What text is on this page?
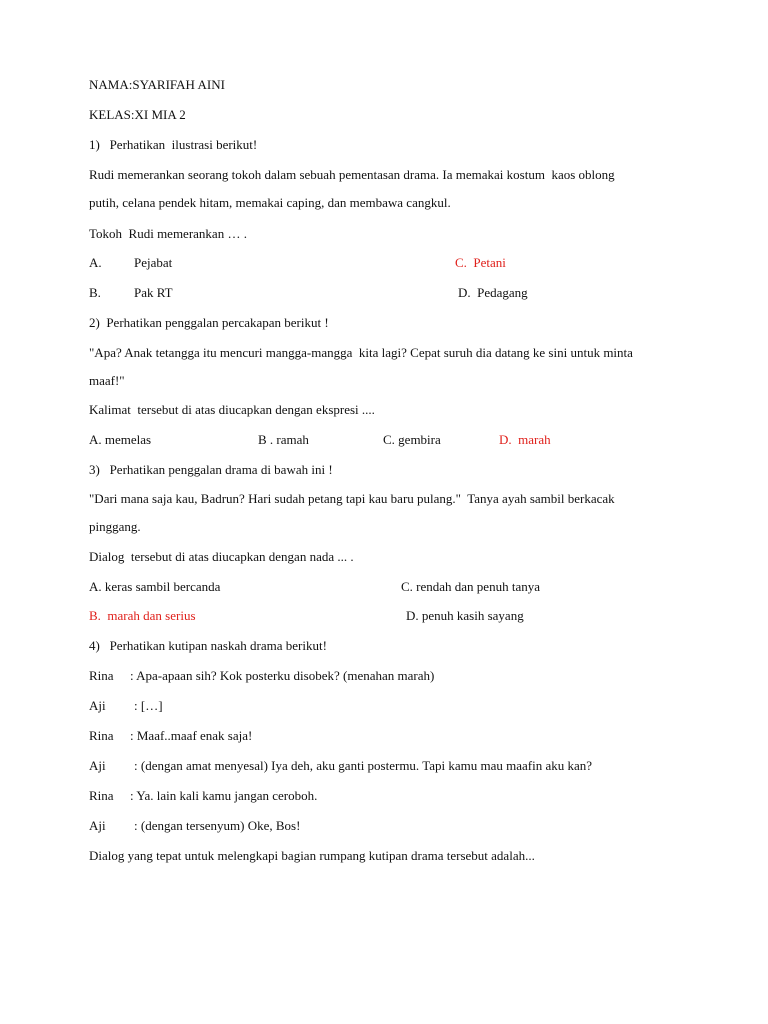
NAMA:SYARIFAH AINI

KELAS:XI MIA 2

1)   Perhatikan  ilustrasi berikut!

Rudi memerankan seorang tokoh dalam sebuah pementasan drama. Ia memakai kostum  kaos oblong

putih, celana pendek hitam, memakai caping, dan membawa cangkul.

Tokoh  Rudi memerankan … .

A. Pejabat	C.  Petani

B.	Pak RT	D.  Pedagang

2)  Perhatikan penggalan percakapan berikut !

"Apa? Anak tetangga itu mencuri mangga-mangga  kita lagi? Cepat suruh dia datang ke sini untuk minta

maaf!"

Kalimat  tersebut di atas diucapkan dengan ekspresi ....

A. memelas	B . ramah	C. gembira	D.  marah

3)   Perhatikan penggalan drama di bawah ini !

"Dari mana saja kau, Badrun? Hari sudah petang tapi kau baru pulang."  Tanya ayah sambil berkacak

pinggang.

Dialog  tersebut di atas diucapkan dengan nada ... .

A. keras sambil bercanda	C. rendah dan penuh tanya

B.  marah dan serius	D. penuh kasih sayang

4)   Perhatikan kutipan naskah drama berikut!

Rina : Apa-apaan sih? Kok posterku disobek? (menahan marah)

Aji : […]

Rina : Maaf..maaf enak saja!

Aji : (dengan amat menyesal) Iya deh, aku ganti postermu. Tapi kamu mau maafin aku kan?

Rina : Ya. lain kali kamu jangan ceroboh.

Aji : (dengan tersenyum) Oke, Bos!

Dialog yang tepat untuk melengkapi bagian rumpang kutipan drama tersebut adalah...
